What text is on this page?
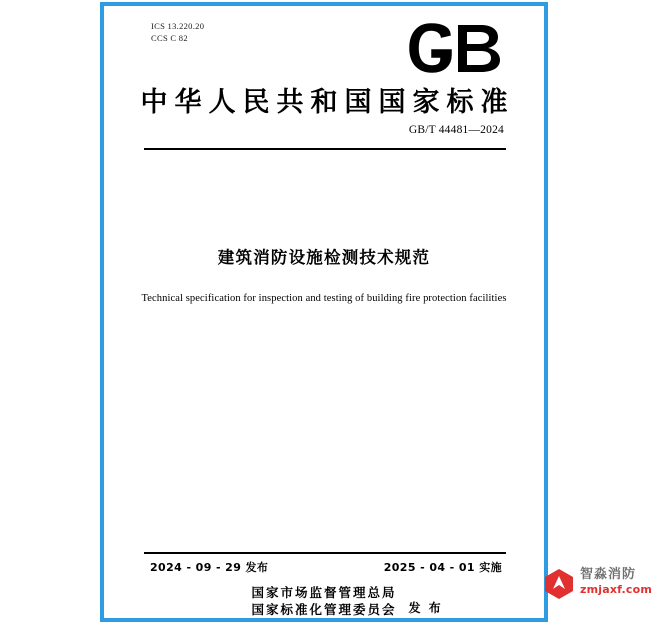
ICS 13.220.20
CCS C 82
中华人民共和国国家标准
GB/T 44481—2024
建筑消防设施检测技术规范
Technical specification for inspection and testing of building fire protection facilities
2024 - 09 - 29 发布	2025 - 04 - 01 实施
国家市场监督管理总局
国家标准化管理委员会 发 布
智淼消防
zmjaxf.com
